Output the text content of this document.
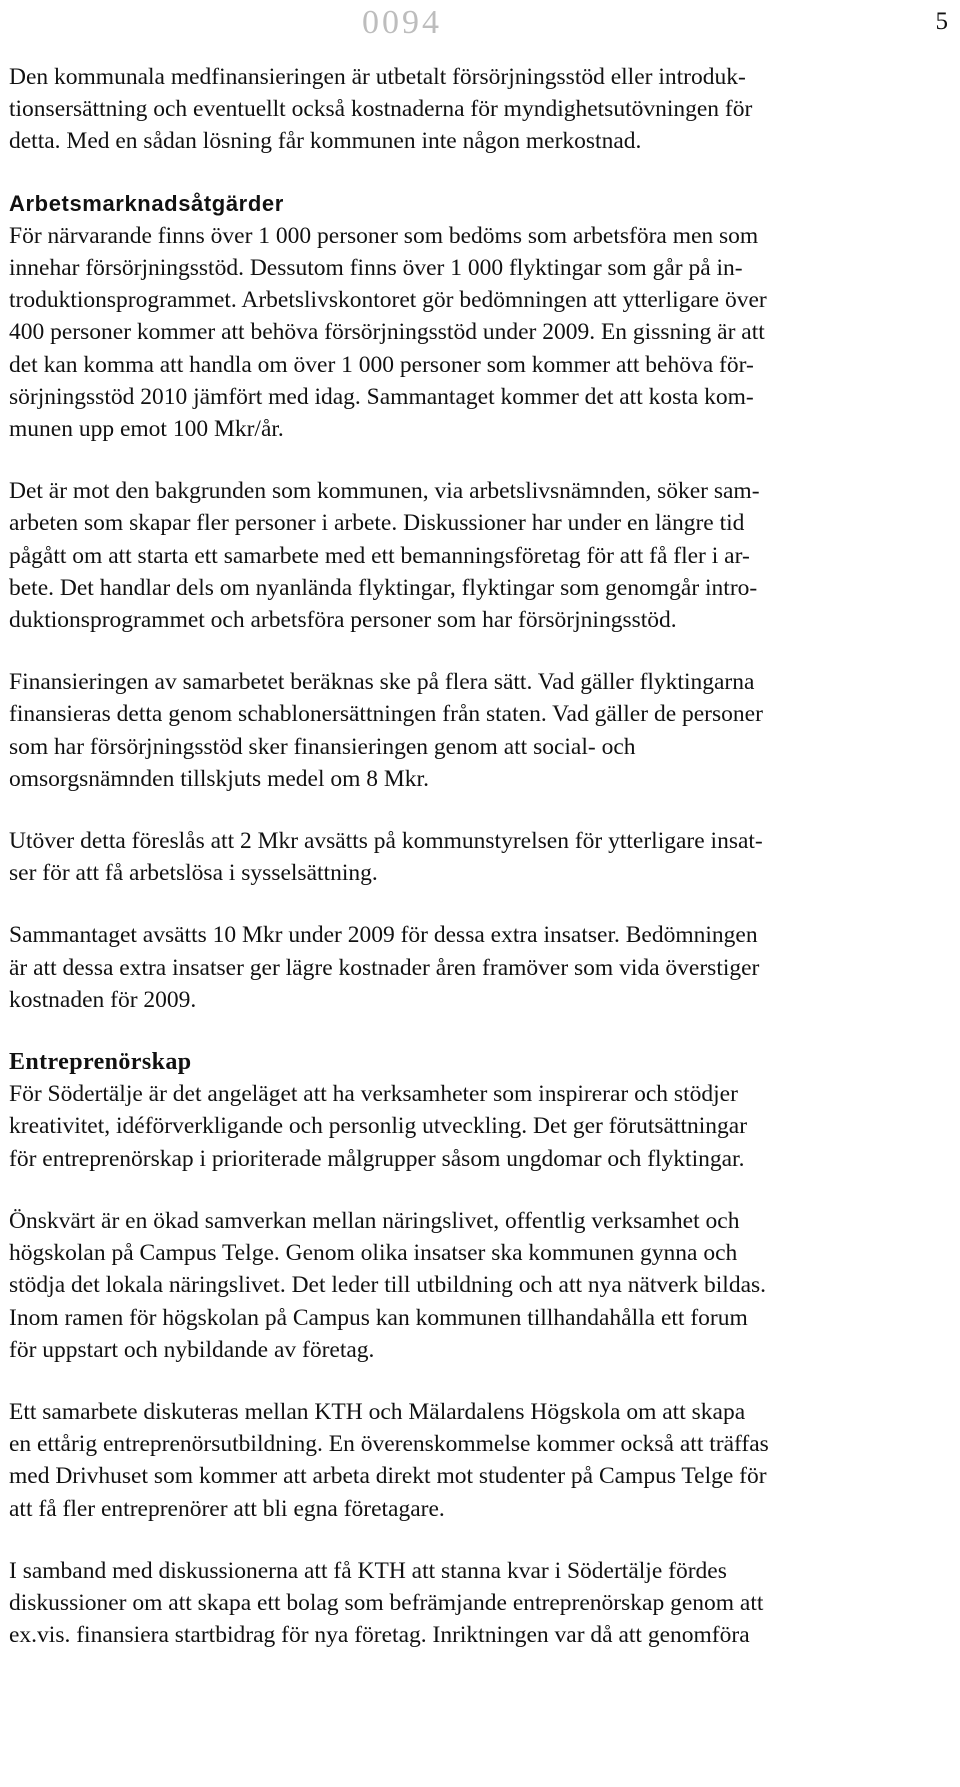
0094	5

Den kommunala medfinansieringen är utbetalt försörjningsstöd eller introduk-
tionsersättning och eventuellt också kostnaderna för myndighetsutövningen för
detta. Med en sådan lösning får kommunen inte någon merkostnad.

Arbetsmarknadsåtgärder

För närvarande finns över 1 000 personer som bedöms som arbetsföra men som
innehar försörjningsstöd. Dessutom finns över 1 000 flyktingar som går på in-
troduktionsprogrammet. Arbetslivskontoret gör bedömningen att ytterligare över
400 personer kommer att behöva försörjningsstöd under 2009. En gissning är att
det kan komma att handla om över 1 000 personer som kommer att behöva för-
sörjningsstöd 2010 jämfört med idag. Sammantaget kommer det att kosta kom-
munen upp emot 100 Mkr/år.

Det är mot den bakgrunden som kommunen, via arbetslivsnämnden, söker sam-
arbeten som skapar fler personer i arbete. Diskussioner har under en längre tid
pågått om att starta ett samarbete med ett bemanningsföretag för att få fler i ar-
bete. Det handlar dels om nyanlända flyktingar, flyktingar som genomgår intro-
duktionsprogrammet och arbetsföra personer som har försörjningsstöd.

Finansieringen av samarbetet beräknas ske på flera sätt. Vad gäller flyktingarna
finansieras detta genom schablonersättningen från staten. Vad gäller de personer
som har försörjningsstöd sker finansieringen genom att social- och
omsorgsnämnden tillskjuts medel om 8 Mkr.

Utöver detta föreslås att 2 Mkr avsätts på kommunstyrelsen för ytterligare insat-
ser för att få arbetslösa i sysselsättning.

Sammantaget avsätts 10 Mkr under 2009 för dessa extra insatser. Bedömningen
är att dessa extra insatser ger lägre kostnader åren framöver som vida överstiger
kostnaden för 2009.

Entreprenörskap

För Södertälje är det angeläget att ha verksamheter som inspirerar och stödjer
kreativitet, idéförverkligande och personlig utveckling. Det ger förutsättningar
för entreprenörskap i prioriterade målgrupper såsom ungdomar och flyktingar.

Önskvärt är en ökad samverkan mellan näringslivet, offentlig verksamhet och
högskolan på Campus Telge. Genom olika insatser ska kommunen gynna och
stödja det lokala näringslivet. Det leder till utbildning och att nya nätverk bildas.
Inom ramen för högskolan på Campus kan kommunen tillhandahålla ett forum
för uppstart och nybildande av företag.

Ett samarbete diskuteras mellan KTH och Mälardalens Högskola om att skapa
en ettårig entreprenörsutbildning. En överenskommelse kommer också att träffas
med Drivhuset som kommer att arbeta direkt mot studenter på Campus Telge för
att få fler entreprenörer att bli egna företagare.

I samband med diskussionerna att få KTH att stanna kvar i Södertälje fördes
diskussioner om att skapa ett bolag som befrämjande entreprenörskap genom att
ex.vis. finansiera startbidrag för nya företag. Inriktningen var då att genomföra
